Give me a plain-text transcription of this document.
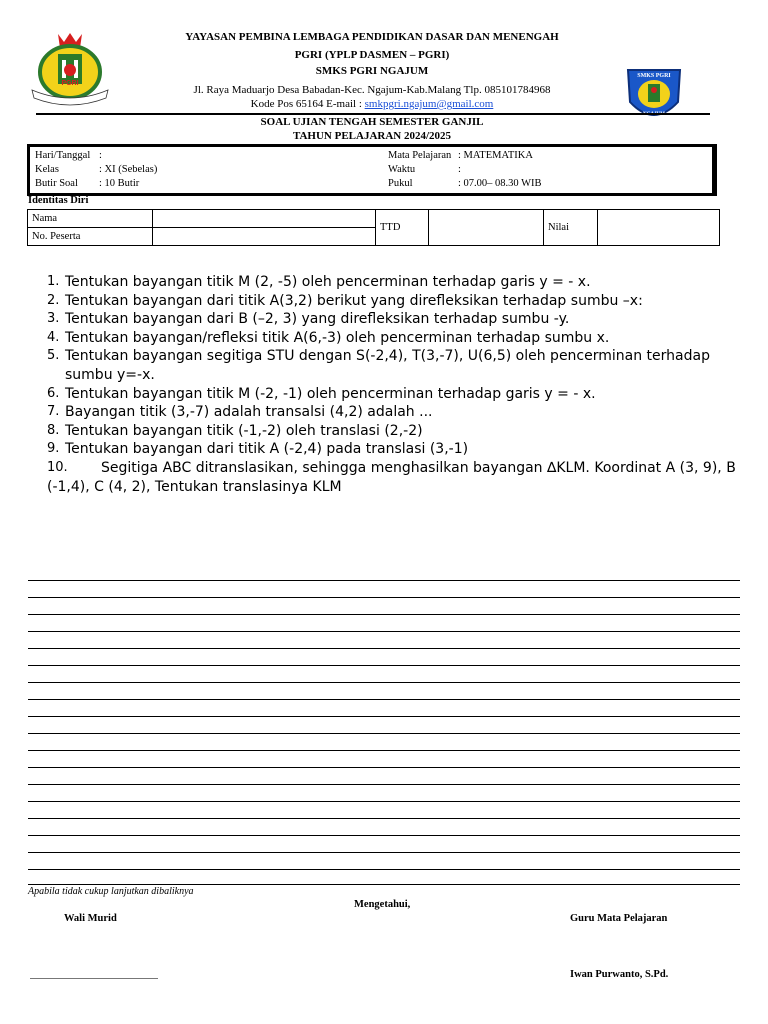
PGRI
SMKS PGRI
NGAJUM
YAYASAN PEMBINA LEMBAGA PENDIDIKAN DASAR DAN MENENGAH
PGRI (YPLP DASMEN – PGRI)
SMKS PGRI NGAJUM
Jl. Raya Maduarjo Desa Babadan-Kec. Ngajum-Kab.Malang Tlp. 085101784968
Kode Pos 65164 E-mail : smkpgri.ngajum@gmail.com
SOAL UJIAN TENGAH SEMESTER GANJIL
TAHUN PELAJARAN 2024/2025
Hari/Tanggal :
Kelas	: XI (Sebelas)
Butir Soal : 10 Butir
Mata Pelajaran : MATEMATIKA
Waktu	:
Pukul	: 07.00– 08.30 WIB
Identitas Diri
Nama		TTD		Nilai	
No. Peserta					
1. Tentukan bayangan titik M (2, -5) oleh pencerminan terhadap garis y = - x.
2. Tentukan bayangan dari titik A(3,2) berikut yang direfleksikan terhadap sumbu –x:
3. Tentukan bayangan dari B (–2, 3) yang direfleksikan terhadap sumbu -y.
4. Tentukan bayangan/refleksi titik A(6,-3) oleh pencerminan terhadap sumbu x.
5. Tentukan bayangan segitiga STU dengan S(-2,4), T(3,-7), U(6,5) oleh pencerminan terhadap sumbu y=-x.
6. Tentukan bayangan titik M (-2, -1) oleh pencerminan terhadap garis y = - x.
7. Bayangan titik (3,-7) adalah transalsi (4,2) adalah ...
8. Tentukan bayangan titik (-1,-2) oleh translasi (2,-2)
9. Tentukan bayangan dari titik A (-2,4) pada translasi (3,-1)
10. Segitiga ABC ditranslasikan, sehingga menghasilkan bayangan ∆KLM. Koordinat A (3, 9), B (-1,4), C (4, 2), Tentukan translasinya KLM
Apabila tidak cukup lanjutkan dibaliknya
Mengetahui,
Wali Murid	Guru Mata Pelajaran
Iwan Purwanto, S.Pd.
